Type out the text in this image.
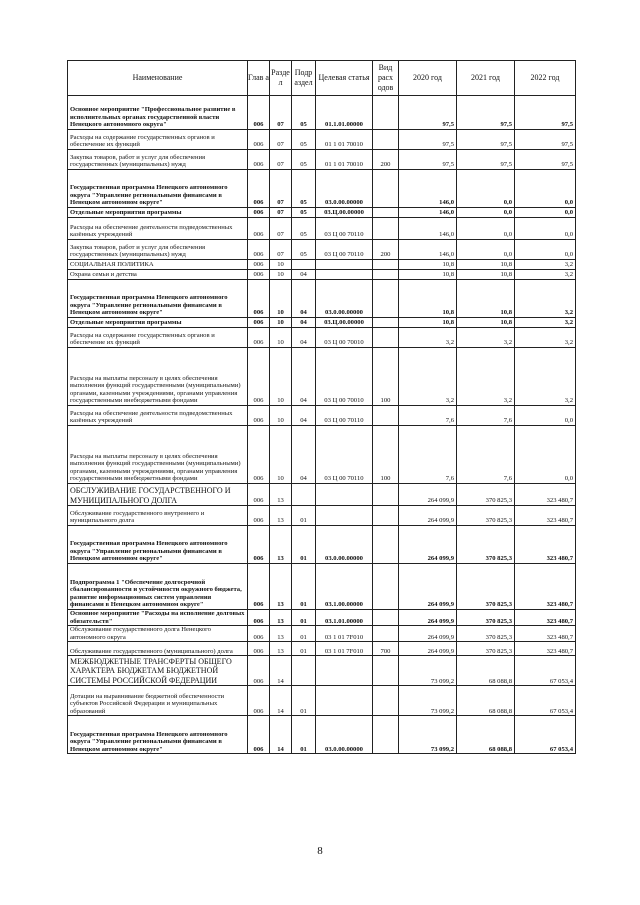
Наименование	Глав а	Разде л	Подр аздел	Целевая статья	Вид расх одов	2020 год	2021 год	2022 год
Основное мероприятие "Профессиональное развитие в исполнительных органах государственной власти Ненецкого автономного округа"	006	07	05	01.1.01.00000		97,5	97,5	97,5
Расходы на содержание государственных органов и обеспечение их функций	006	07	05	01 1 01 70010		97,5	97,5	97,5
Закупка товаров, работ и услуг для обеспечения государственных (муниципальных) нужд	006	07	05	01 1 01 70010	200	97,5	97,5	97,5
Государственная программа Ненецкого автономного округа "Управление региональными финансами в Ненецком автономном округе"	006	07	05	03.0.00.00000		146,0	0,0	0,0
Отдельные мероприятия программы	006	07	05	03.Ц.00.00000		146,0	0,0	0,0
Расходы на обеспечение деятельности подведомственных казённых учреждений	006	07	05	03 Ц 00 70110		146,0	0,0	0,0
Закупка товаров, работ и услуг для обеспечения государственных (муниципальных) нужд	006	07	05	03 Ц 00 70110	200	146,0	0,0	0,0
СОЦИАЛЬНАЯ ПОЛИТИКА	006	10				10,8	10,8	3,2
Охрана семьи и детства	006	10	04			10,8	10,8	3,2
Государственная программа Ненецкого автономного округа "Управление региональными финансами в Ненецком автономном округе"	006	10	04	03.0.00.00000		10,8	10,8	3,2
Отдельные мероприятия программы	006	10	04	03.Ц.00.00000		10,8	10,8	3,2
Расходы на содержание государственных органов и обеспечение их функций	006	10	04	03 Ц 00 70010		3,2	3,2	3,2
Расходы на выплаты персоналу в целях обеспечения выполнения функций государственными (муниципальными) органами, казенными учреждениями, органами управления государственными внебюджетными фондами	006	10	04	03 Ц 00 70010	100	3,2	3,2	3,2
Расходы на обеспечение деятельности подведомственных казённых учреждений	006	10	04	03 Ц 00 70110		7,6	7,6	0,0
Расходы на выплаты персоналу в целях обеспечения выполнения функций государственными (муниципальными) органами, казенными учреждениями, органами управления государственными внебюджетными фондами	006	10	04	03 Ц 00 70110	100	7,6	7,6	0,0
ОБСЛУЖИВАНИЕ ГОСУДАРСТВЕННОГО И МУНИЦИПАЛЬНОГО ДОЛГА	006	13				264 099,9	370 825,3	323 480,7
Обслуживание государственного внутреннего и муниципального долга	006	13	01			264 099,9	370 825,3	323 480,7
Государственная программа Ненецкого автономного округа "Управление региональными финансами в Ненецком автономном округе"	006	13	01	03.0.00.00000		264 099,9	370 825,3	323 480,7
Подпрограмма 1 "Обеспечение долгосрочной сбалансированности и устойчивости окружного бюджета, развитие информационных систем управления финансами в Ненецком автономном округе"	006	13	01	03.1.00.00000		264 099,9	370 825,3	323 480,7
Основное мероприятие "Расходы на исполнение долговых обязательств"	006	13	01	03.1.01.00000		264 099,9	370 825,3	323 480,7
Обслуживание государственного долга Ненецкого автономного округа	006	13	01	03 1 01 7F010		264 099,9	370 825,3	323 480,7
Обслуживание государственного (муниципального) долга	006	13	01	03 1 01 7F010	700	264 099,9	370 825,3	323 480,7
МЕЖБЮДЖЕТНЫЕ ТРАНСФЕРТЫ ОБЩЕГО ХАРАКТЕРА БЮДЖЕТАМ БЮДЖЕТНОЙ СИСТЕМЫ РОССИЙСКОЙ ФЕДЕРАЦИИ	006	14				73 099,2	68 088,8	67 053,4
Дотации на выравнивание бюджетной обеспеченности субъектов Российской Федерации и муниципальных образований	006	14	01			73 099,2	68 088,8	67 053,4
Государственная программа Ненецкого автономного округа "Управление региональными финансами в Ненецком автономном округе"	006	14	01	03.0.00.00000		73 099,2	68 088,8	67 053,4
8
